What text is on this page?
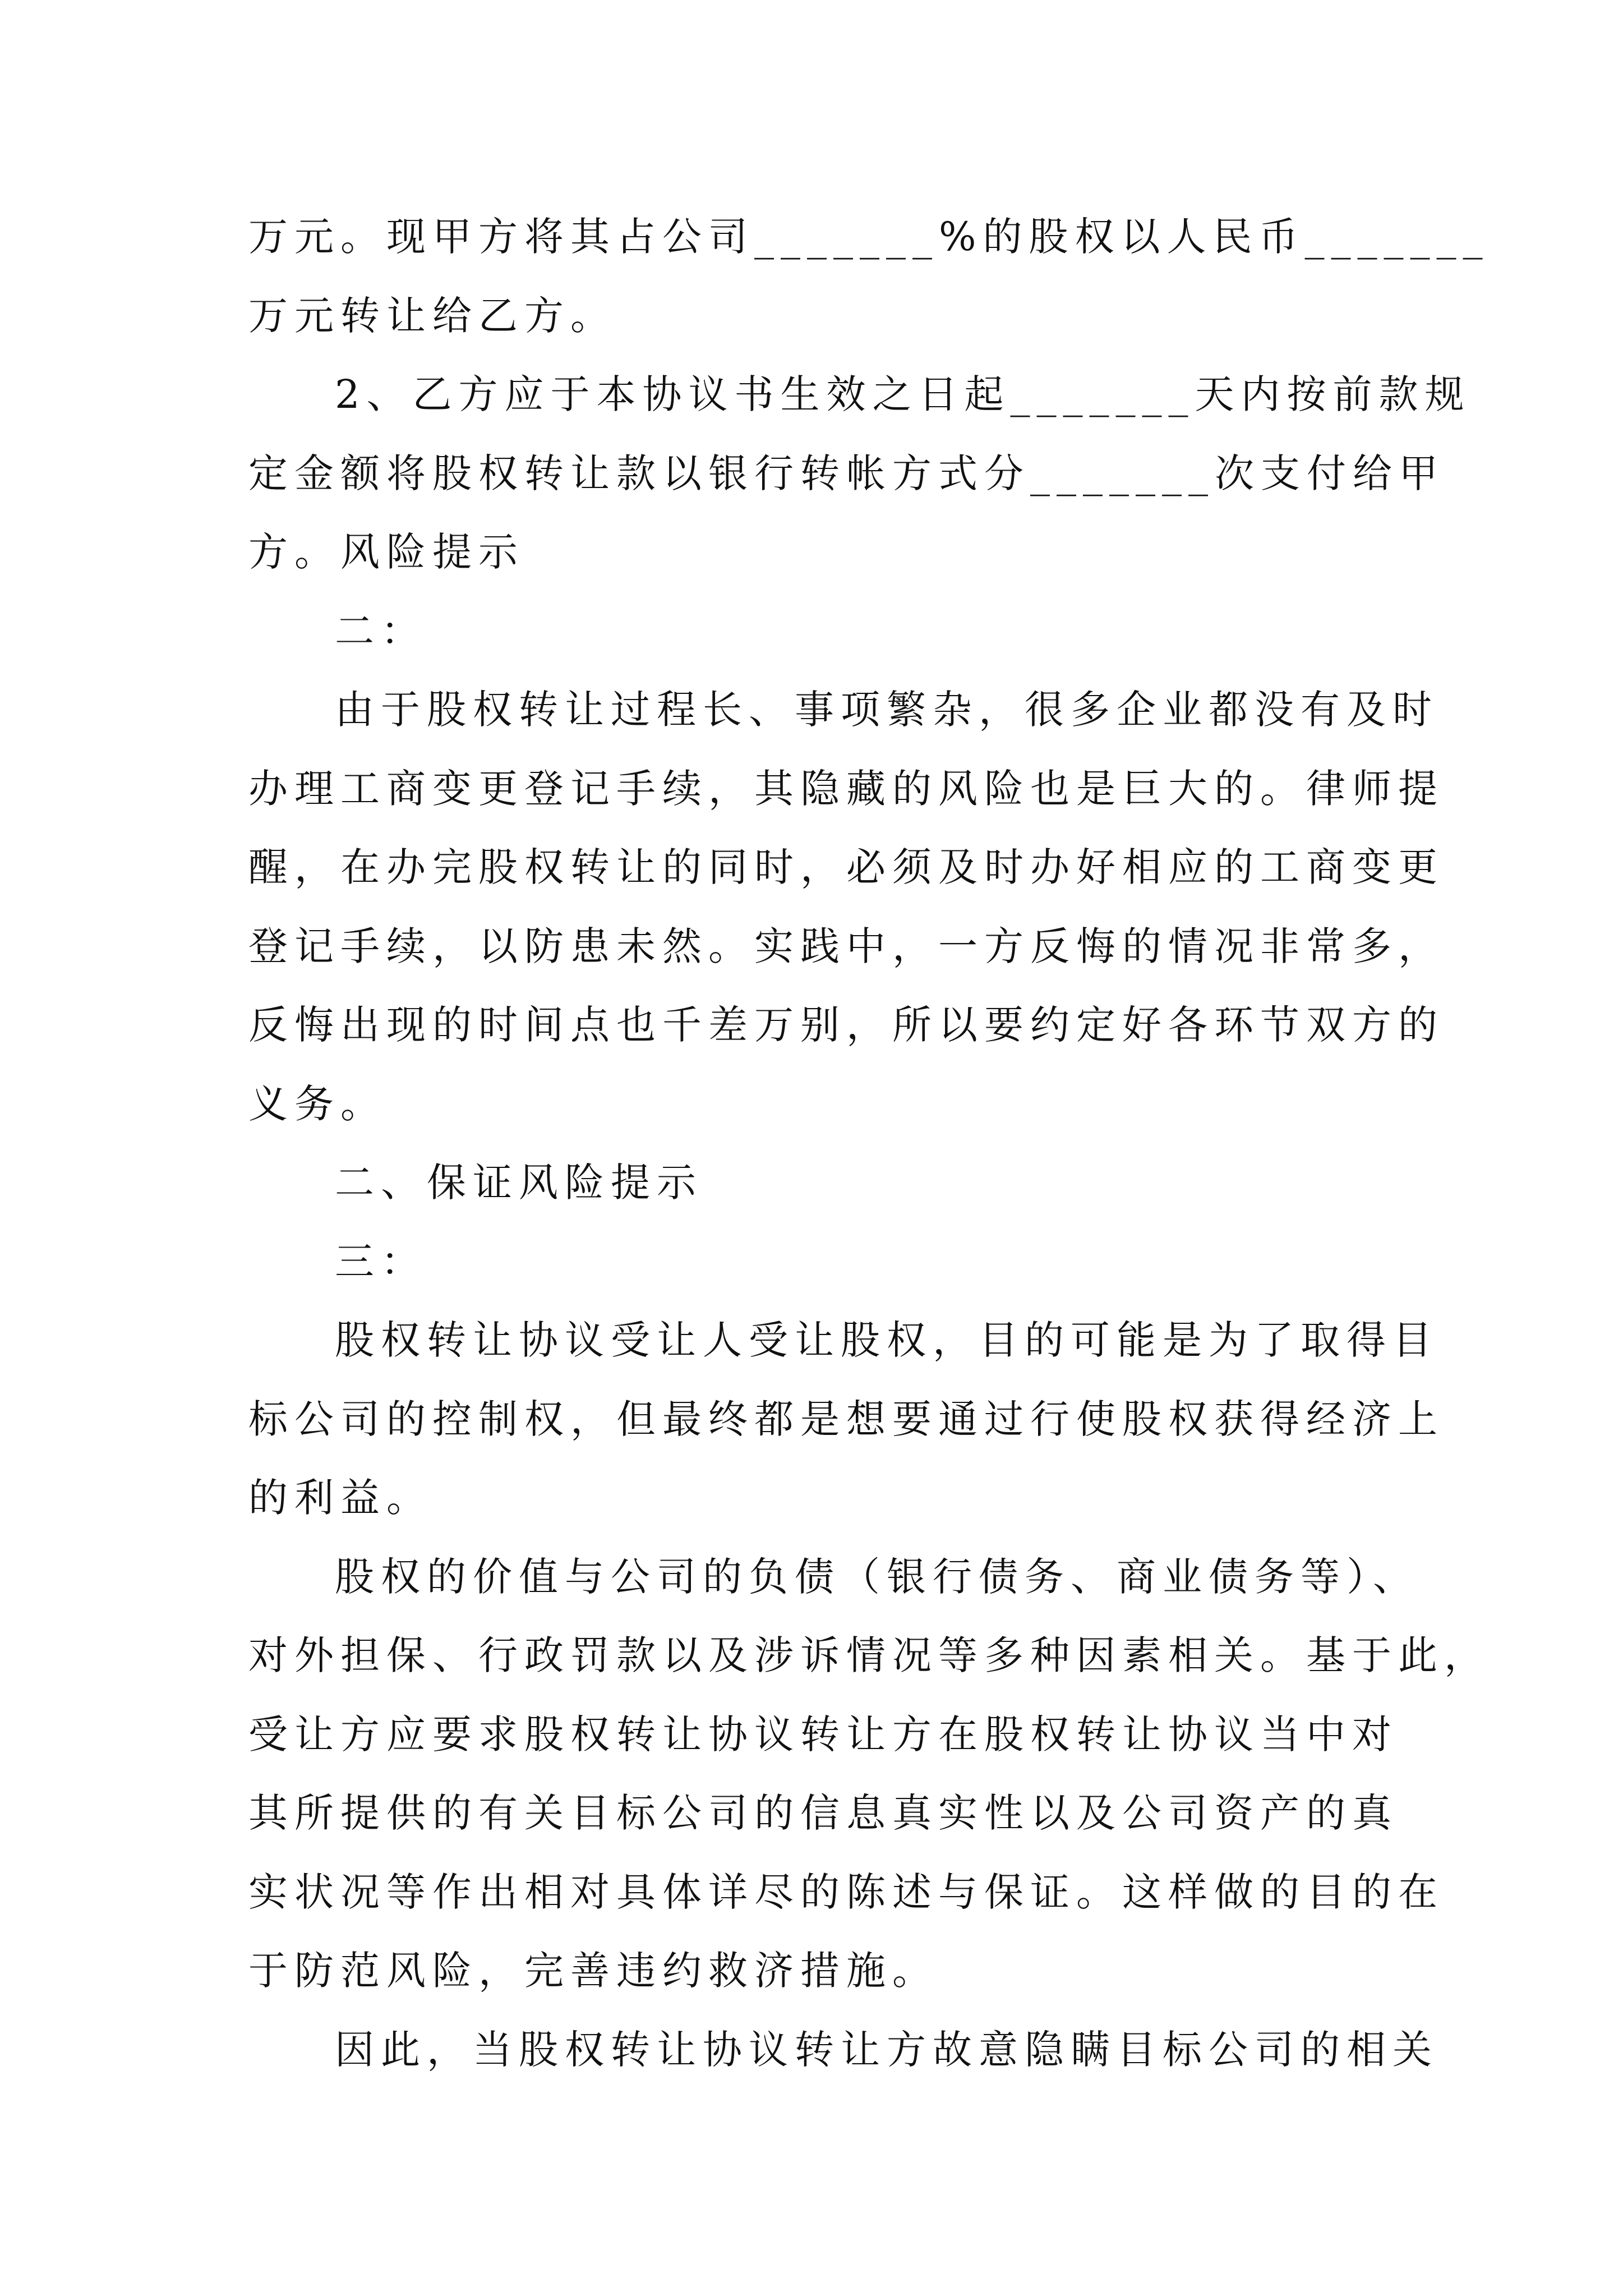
万元。现甲方将其占公司_______%的股权以人民币_______
万元转让给乙方。
2、乙方应于本协议书生效之日起_______天内按前款规
定金额将股权转让款以银行转帐方式分_______次支付给甲
方。风险提示
二：
由于股权转让过程长、事项繁杂，很多企业都没有及时
办理工商变更登记手续，其隐藏的风险也是巨大的。律师提
醒，在办完股权转让的同时，必须及时办好相应的工商变更
登记手续，以防患未然。实践中，一方反悔的情况非常多，
反悔出现的时间点也千差万别，所以要约定好各环节双方的
义务。
二、保证风险提示
三：
股权转让协议受让人受让股权，目的可能是为了取得目
标公司的控制权，但最终都是想要通过行使股权获得经济上
的利益。
股权的价值与公司的负债（银行债务、商业债务等）、
对外担保、行政罚款以及涉诉情况等多种因素相关。基于此，
受让方应要求股权转让协议转让方在股权转让协议当中对
其所提供的有关目标公司的信息真实性以及公司资产的真
实状况等作出相对具体详尽的陈述与保证。这样做的目的在
于防范风险，完善违约救济措施。
因此，当股权转让协议转让方故意隐瞒目标公司的相关
